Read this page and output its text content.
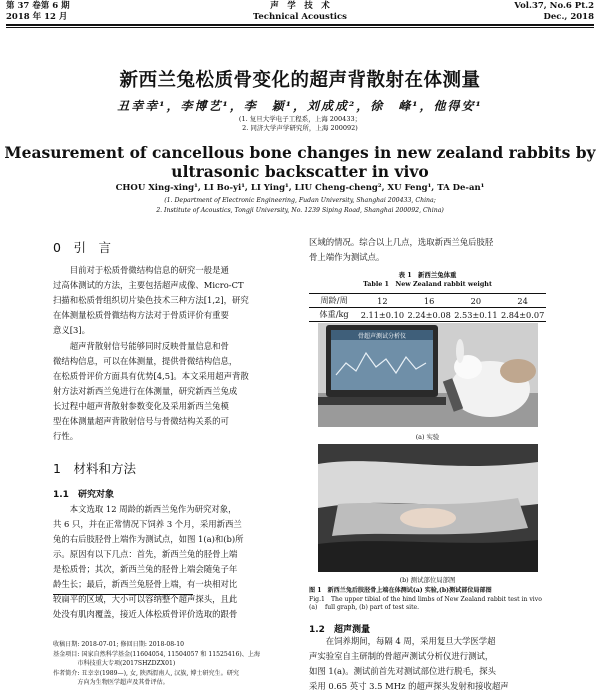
第 37 卷第 6 期
2018 年 12 月
声　学　技　术
Technical Acoustics
Vol.37, No.6 Pt.2
Dec., 2018
新西兰兔松质骨变化的超声背散射在体测量
丑幸幸¹，李博艺¹，李　颖¹，刘成成²，徐　峰¹，他得安¹
(1. 复旦大学电子工程系，上海 200433；
2. 同济大学声学研究所，上海 200092)
Measurement of cancellous bone changes in new zealand rabbits by
ultrasonic backscatter in vivo
CHOU Xing-xing¹, LI Bo-yi¹, LI Ying¹, LIU Cheng-cheng², XU Feng¹, TA De-an¹
(1. Department of Electronic Engineering, Fudan University, Shanghai 200433, China;
2. Institute of Acoustics, Tongji University, No. 1239 Siping Road, Shanghai 200092, China)
0　引　言
　　目前对于松质骨微结构信息的研究一般是通
过高体测试的方法，主要包括超声成像、Micro-CT
扫描和松质骨组织切片染色技术三种方法[1,2]，研究
在体测量松质骨微结构方法对于骨质评价有重要
意义[3]。
　　超声背散射信号能够同时反映骨量信息和骨
微结构信息，可以在体测量，提供骨微结构信息，
在松质骨评价方面具有优势[4,5]。本文采用超声背散
射方法对新西兰兔进行在体测量，研究新西兰兔成
长过程中超声背散射参数变化及采用新西兰兔模
型在体测量超声背散射信号与骨微结构关系的可
行性。
1　材料和方法
1.1　研究对象
　　本文选取 12 周龄的新西兰兔作为研究对象，
共 6 只，并在正常情况下饲养 3 个月，采用新西兰
兔的右后肢胫骨上端作为测试点，如图 1(a)和(b)所
示。原因有以下几点：首先，新西兰兔的胫骨上端
是松质骨；其次，新西兰兔的胫骨上端会随兔子年
龄生长；最后，新西兰兔胫骨上端，有一块相对比
较扁平的区域，大小可以容纳整个超声探头，且此
处没有肌肉覆盖，接近人体松质骨评价选取的跟骨
收稿日期: 2018-07-01; 修回日期: 2018-08-10
基金项目: 国家自然科学基金(11604054, 11504057 和 11525416)、上海
　　　　市科技重大专项(2017SHZDZX01)
作者简介: 丑幸幸(1989—), 女, 陕西渭南人, 汉族, 博士研究生。研究
　　　　方向为生物医学超声及其骨评估。
区域的情况。综合以上几点，选取新西兰兔后肢胫
骨上端作为测试点。
表 1　新西兰兔体重
Table 1　New Zealand rabbit weight
周龄/周	12	16	20	24
体重/kg	2.11±0.10	2.24±0.08	2.53±0.11	2.84±0.07
骨超声测试分析仪
(a) 实验
(b) 测试部位局部图
图 1　新西兰兔后肢胫骨上端在体测试(a) 实验,(b)测试部位局部图
Fig.1　The upper tibial of the hind limbs of New Zealand rabbit test in vivo (a)	full graph, (b) part of test site.
1.2　超声测量
　　在饲养期间，每隔 4 周，采用复旦大学医学超
声实验室自主研制的骨超声测试分析仪进行测试，
如图 1(a)。测试前首先对测试部位进行脱毛，探头
采用 0.65 英寸 3.5 MHz 的超声探头发射和接收超声
